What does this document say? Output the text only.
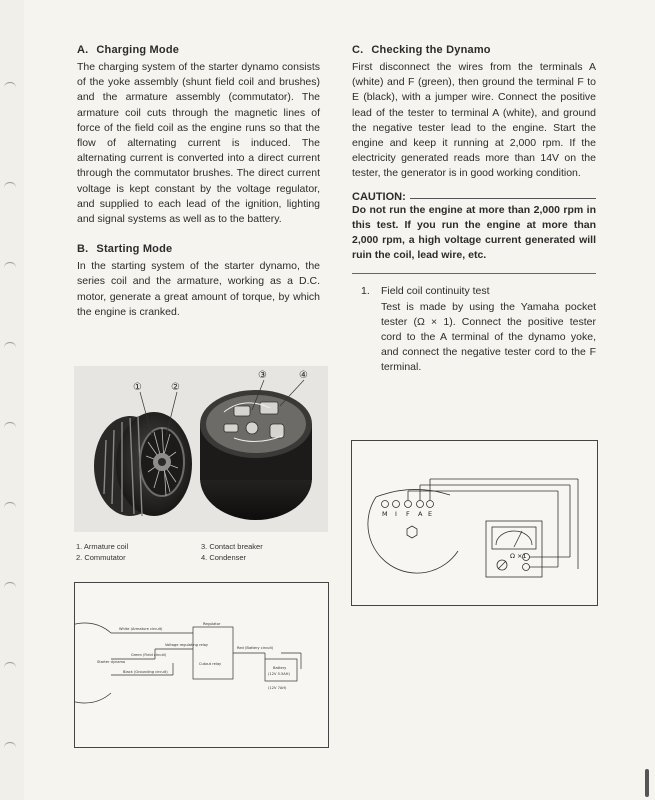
A. Charging Mode

The charging system of the starter dynamo consists of the yoke assembly (shunt field coil and brushes) and the armature assembly (commutator). The armature coil cuts through the magnetic lines of force of the field coil as the engine runs so that the flow of alternating current is induced. The alternating current is converted into a direct current through the commutator brushes. The direct current voltage is kept constant by the voltage regulator, and supplied to each lead of the ignition, lighting and signal systems as well as to the battery.

B. Starting Mode

In the starting system of the starter dynamo, the series coil and the armature, working as a D.C. motor, generate a great amount of torque, by which the engine is cranked.

①	②
③	④
1. Armature coil
2. Commutator
3. Contact breaker
4. Condenser
White (Armature circuit)
Regulator
Voltage regulating relay
Red (Battery circuit)
Green (Field circuit)
Starter dynamo	Cutout relay
Black (Grounding circuit)
Battery
(12V 5.5AH)
(12V 7AH)
C. Checking the Dynamo

First disconnect the wires from the terminals A (white) and F (green), then ground the terminal F to E (black), with a jumper wire. Connect the positive lead of the tester to terminal A (white), and ground the negative tester lead to the engine. Start the engine and keep it running at 2,000 rpm. If the electricity generated reads more than 14V on the tester, the generator is in good working condition.

CAUTION:

Do not run the engine at more than 2,000 rpm in this test. If you run the engine at more than 2,000 rpm, a high voltage current generated will ruin the coil, lead wire, etc.

1.	Field coil continuity test
Test is made by using the Yamaha pocket tester (Ω × 1). Connect the positive tester cord to the A terminal of the dynamo yoke, and connect the negative tester cord to the F terminal.
M I F A E
Ω ×1
